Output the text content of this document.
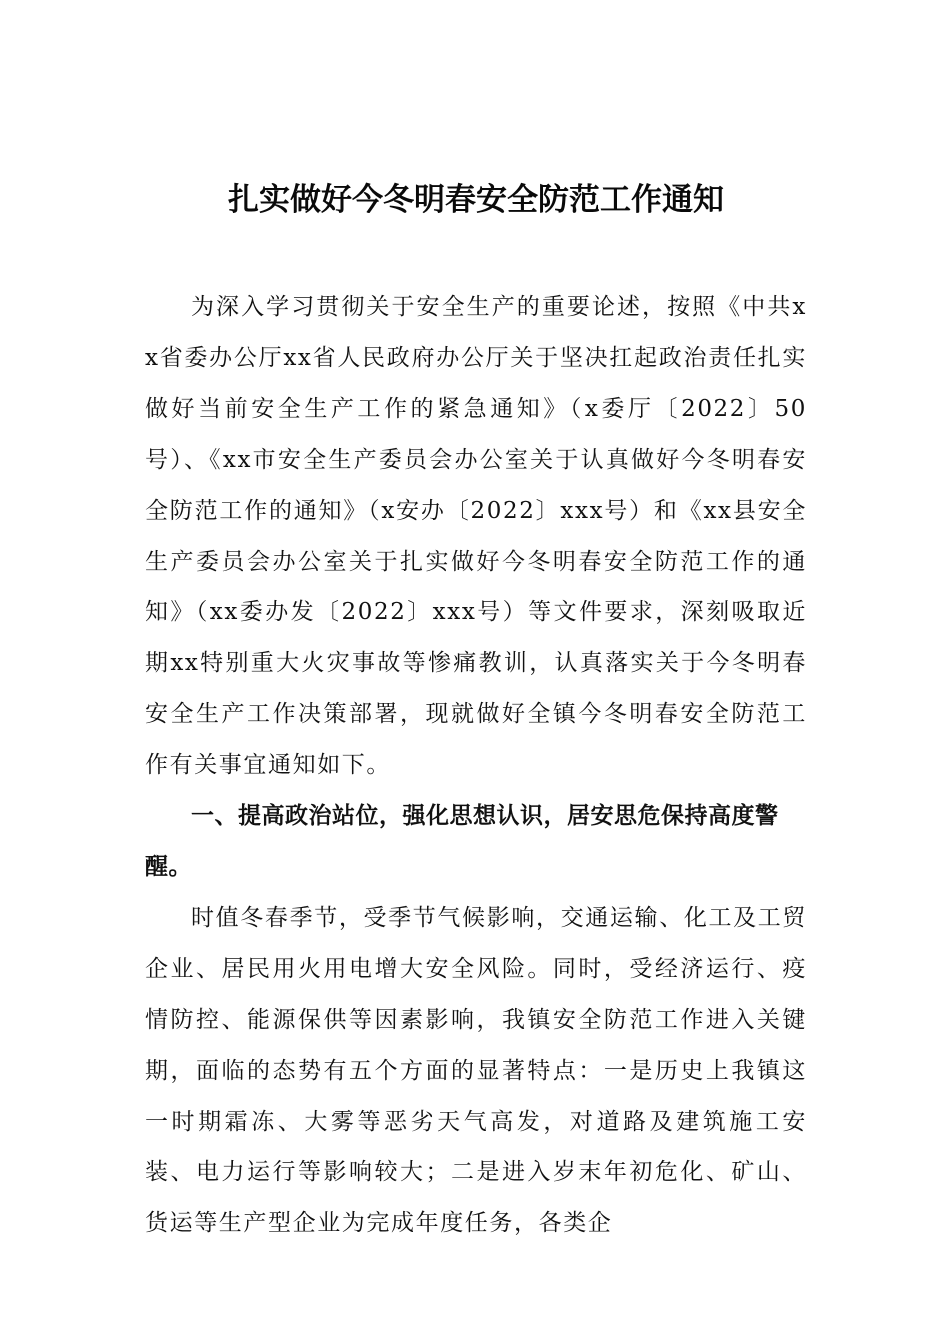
扎实做好今冬明春安全防范工作通知

为深入学习贯彻关于安全生产的重要论述，按照《中共xx省委办公厅xx省人民政府办公厅关于坚决扛起政治责任扎实做好当前安全生产工作的紧急通知》（x委厅〔2022〕50号）、《xx市安全生产委员会办公室关于认真做好今冬明春安全防范工作的通知》（x安办〔2022〕xxx号）和《xx县安全生产委员会办公室关于扎实做好今冬明春安全防范工作的通知》（xx委办发〔2022〕xxx号）等文件要求，深刻吸取近期xx特别重大火灾事故等惨痛教训，认真落实关于今冬明春安全生产工作决策部署，现就做好全镇今冬明春安全防范工作有关事宜通知如下。

一、提高政治站位，强化思想认识，居安思危保持高度警醒。

时值冬春季节，受季节气候影响，交通运输、化工及工贸企业、居民用火用电增大安全风险。同时，受经济运行、疫情防控、能源保供等因素影响，我镇安全防范工作进入关键期，面临的态势有五个方面的显著特点：一是历史上我镇这一时期霜冻、大雾等恶劣天气高发，对道路及建筑施工安装、电力运行等影响较大；二是进入岁末年初危化、矿山、货运等生产型企业为完成年度任务，各类企
